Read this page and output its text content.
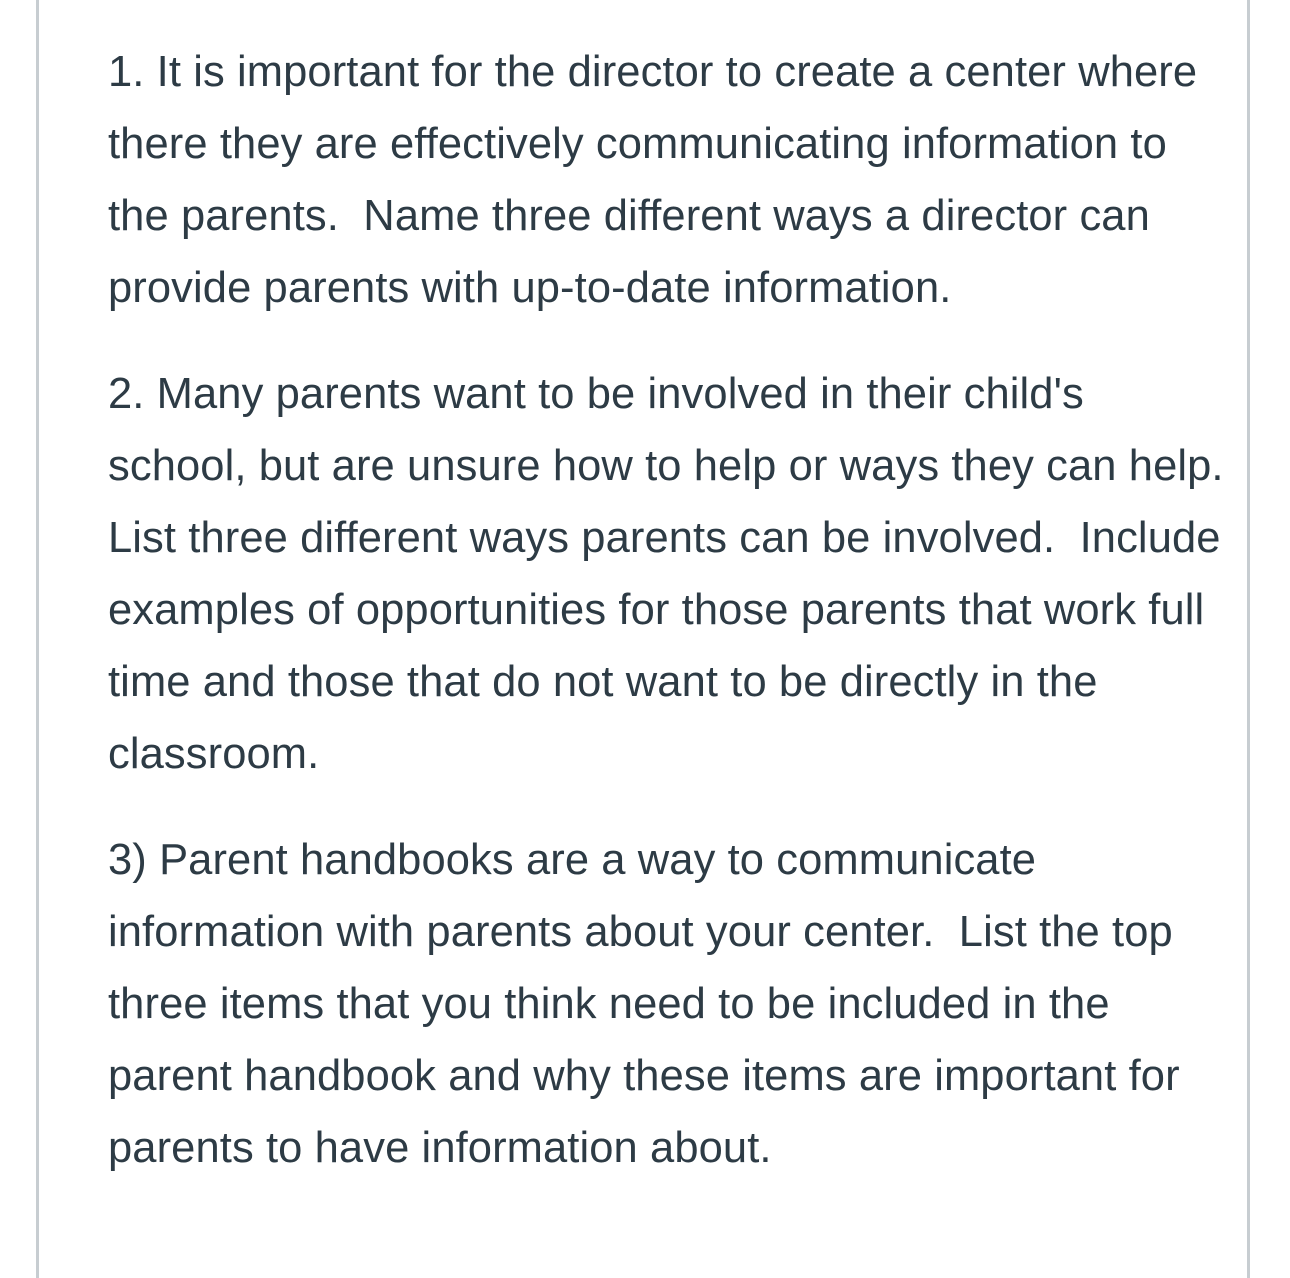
1. It is important for the director to create a center where there they are effectively communicating information to the parents.  Name three different ways a director can provide parents with up-to-date information.

2. Many parents want to be involved in their child's school, but are unsure how to help or ways they can help.  List three different ways parents can be involved.  Include examples of opportunities for those parents that work full time and those that do not want to be directly in the classroom.

3) Parent handbooks are a way to communicate information with parents about your center.  List the top three items that you think need to be included in the parent handbook and why these items are important for parents to have information about.
